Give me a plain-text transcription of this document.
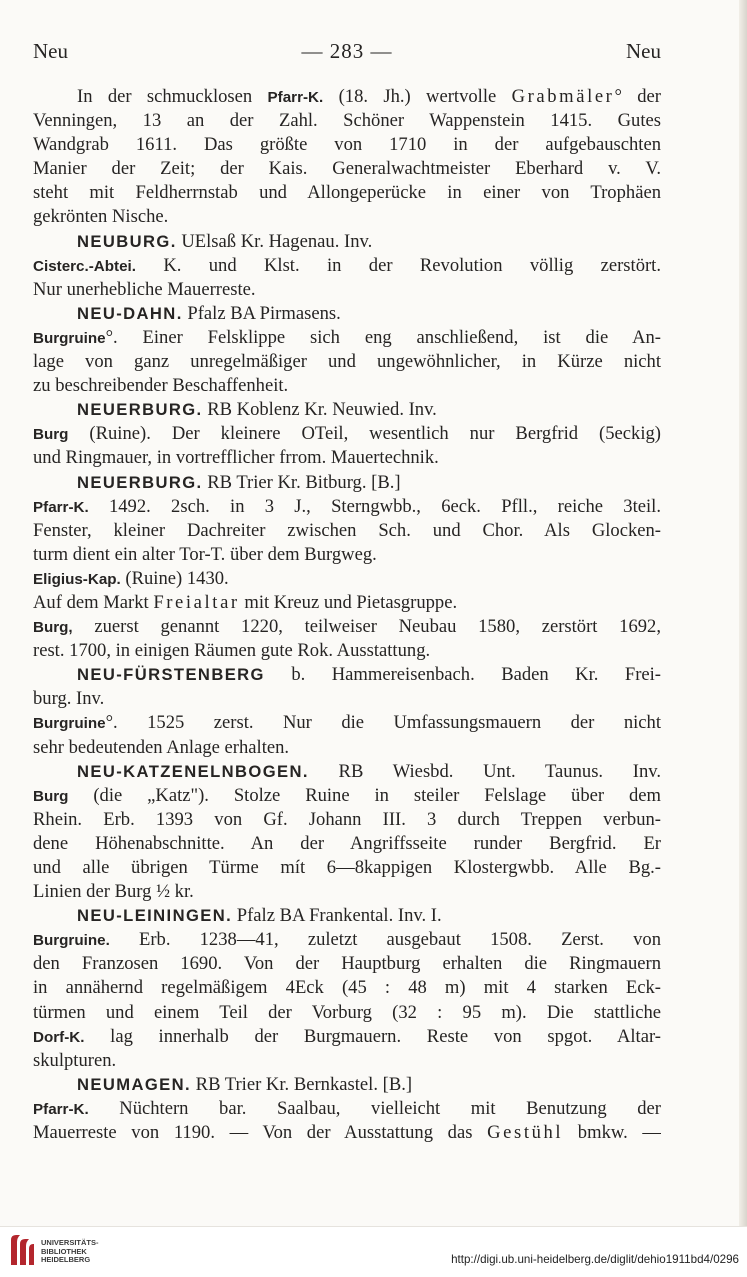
Neu	— 283 —	Neu
In der schmucklosen Pfarr-K. (18. Jh.) wertvolle Grabmäler° der
Venningen, 13 an der Zahl. Schöner Wappenstein 1415. Gutes
Wandgrab 1611. Das größte von 1710 in der aufgebauschten
Manier der Zeit; der Kais. Generalwachtmeister Eberhard v. V.
steht mit Feldherrnstab und Allongeperücke in einer von Trophäen
gekrönten Nische.
NEUBURG. UElsaß Kr. Hagenau. Inv.
Cisterc.-Abtei. K. und Klst. in der Revolution völlig zerstört.
Nur unerhebliche Mauerreste.
NEU-DAHN. Pfalz BA Pirmasens.
Burgruine°. Einer Felsklippe sich eng anschließend, ist die An-
lage von ganz unregelmäßiger und ungewöhnlicher, in Kürze nicht
zu beschreibender Beschaffenheit.
NEUERBURG. RB Koblenz Kr. Neuwied. Inv.
Burg (Ruine). Der kleinere OTeil, wesentlich nur Bergfrid (5eckig)
und Ringmauer, in vortrefflicher frrom. Mauertechnik.
NEUERBURG. RB Trier Kr. Bitburg. [B.]
Pfarr-K. 1492. 2sch. in 3 J., Sterngwbb., 6eck. Pfll., reiche 3teil.
Fenster, kleiner Dachreiter zwischen Sch. und Chor. Als Glocken-
turm dient ein alter Tor-T. über dem Burgweg.
Eligius-Kap. (Ruine) 1430.
Auf dem Markt Freialtar mit Kreuz und Pietasgruppe.
Burg, zuerst genannt 1220, teilweiser Neubau 1580, zerstört 1692,
rest. 1700, in einigen Räumen gute Rok. Ausstattung.
NEU-FÜRSTENBERG b. Hammereisenbach. Baden Kr. Frei-
burg. Inv.
Burgruine°. 1525 zerst. Nur die Umfassungsmauern der nicht
sehr bedeutenden Anlage erhalten.
NEU-KATZENELNBOGEN. RB Wiesbd. Unt. Taunus. Inv.
Burg (die „Katz"). Stolze Ruine in steiler Felslage über dem
Rhein. Erb. 1393 von Gf. Johann III. 3 durch Treppen verbun-
dene Höhenabschnitte. An der Angriffsseite runder Bergfrid. Er
und alle übrigen Türme mít 6—8kappigen Klostergwbb. Alle Bg.-
Linien der Burg ½ kr.
NEU-LEININGEN. Pfalz BA Frankental. Inv. I.
Burgruine. Erb. 1238—41, zuletzt ausgebaut 1508. Zerst. von
den Franzosen 1690. Von der Hauptburg erhalten die Ringmauern
in annähernd regelmäßigem 4Eck (45 : 48 m) mit 4 starken Eck-
türmen und einem Teil der Vorburg (32 : 95 m). Die stattliche
Dorf-K. lag innerhalb der Burgmauern. Reste von spgot. Altar-
skulpturen.
NEUMAGEN. RB Trier Kr. Bernkastel. [B.]
Pfarr-K. Nüchtern bar. Saalbau, vielleicht mit Benutzung der
Mauerreste von 1190. — Von der Ausstattung das Gestühl bmkw. —
UNIVERSITÄTS-
BIBLIOTHEK
HEIDELBERG	http://digi.ub.uni-heidelberg.de/diglit/dehio1911bd4/0296
